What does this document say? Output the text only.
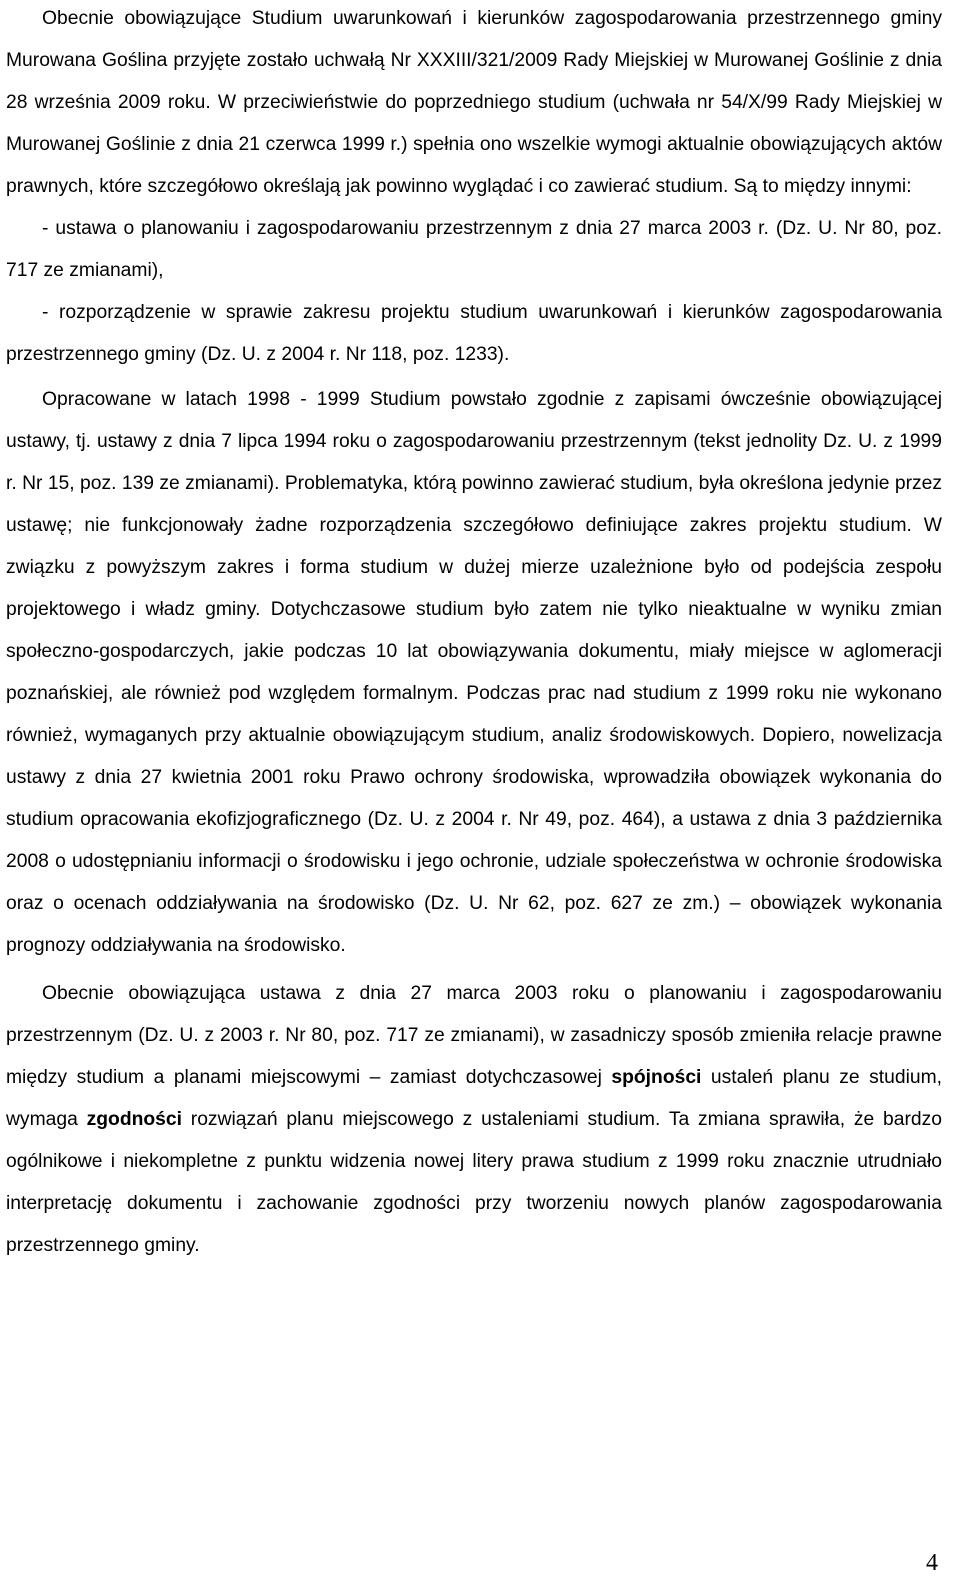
Obecnie obowiązujące Studium uwarunkowań i kierunków zagospodarowania przestrzennego gminy Murowana Goślina przyjęte zostało uchwałą Nr XXXIII/321/2009 Rady Miejskiej w Murowanej Goślinie z dnia 28 września 2009 roku. W przeciwieństwie do poprzedniego studium (uchwała nr 54/X/99 Rady Miejskiej w Murowanej Goślinie z dnia 21 czerwca 1999 r.) spełnia ono wszelkie wymogi aktualnie obowiązujących aktów prawnych, które szczegółowo określają jak powinno wyglądać i co zawierać studium. Są to między innymi:

- ustawa o planowaniu i zagospodarowaniu przestrzennym z dnia 27 marca 2003 r. (Dz. U. Nr 80, poz. 717 ze zmianami),

- rozporządzenie w sprawie zakresu projektu studium uwarunkowań i kierunków zagospodarowania przestrzennego gminy (Dz. U. z 2004 r. Nr 118, poz. 1233).

Opracowane w latach 1998 - 1999 Studium powstało zgodnie z zapisami ówcześnie obowiązującej ustawy, tj. ustawy z dnia 7 lipca 1994 roku o zagospodarowaniu przestrzennym (tekst jednolity Dz. U. z 1999 r. Nr 15, poz. 139 ze zmianami). Problematyka, którą powinno zawierać studium, była określona jedynie przez ustawę; nie funkcjonowały żadne rozporządzenia szczegółowo definiujące zakres projektu studium. W związku z powyższym zakres i forma studium w dużej mierze uzależnione było od podejścia zespołu projektowego i władz gminy. Dotychczasowe studium było zatem nie tylko nieaktualne w wyniku zmian społeczno-gospodarczych, jakie podczas 10 lat obowiązywania dokumentu, miały miejsce w aglomeracji poznańskiej, ale również pod względem formalnym. Podczas prac nad studium z 1999 roku nie wykonano również, wymaganych przy aktualnie obowiązującym studium, analiz środowiskowych. Dopiero, nowelizacja ustawy z dnia 27 kwietnia 2001 roku Prawo ochrony środowiska, wprowadziła obowiązek wykonania do studium opracowania ekofizjograficznego (Dz. U. z 2004 r. Nr 49, poz. 464), a ustawa z dnia 3 października 2008 o udostępnianiu informacji o środowisku i jego ochronie, udziale społeczeństwa w ochronie środowiska oraz o ocenach oddziaływania na środowisko (Dz. U. Nr 62, poz. 627 ze zm.) – obowiązek wykonania prognozy oddziaływania na środowisko.

Obecnie obowiązująca ustawa z dnia 27 marca 2003 roku o planowaniu i zagospodarowaniu przestrzennym (Dz. U. z 2003 r. Nr 80, poz. 717 ze zmianami), w zasadniczy sposób zmieniła relacje prawne między studium a planami miejscowymi – zamiast dotychczasowej spójności ustaleń planu ze studium, wymaga zgodności rozwiązań planu miejscowego z ustaleniami studium. Ta zmiana sprawiła, że bardzo ogólnikowe i niekompletne z punktu widzenia nowej litery prawa studium z 1999 roku znacznie utrudniało interpretację dokumentu i zachowanie zgodności przy tworzeniu nowych planów zagospodarowania przestrzennego gminy.

4
